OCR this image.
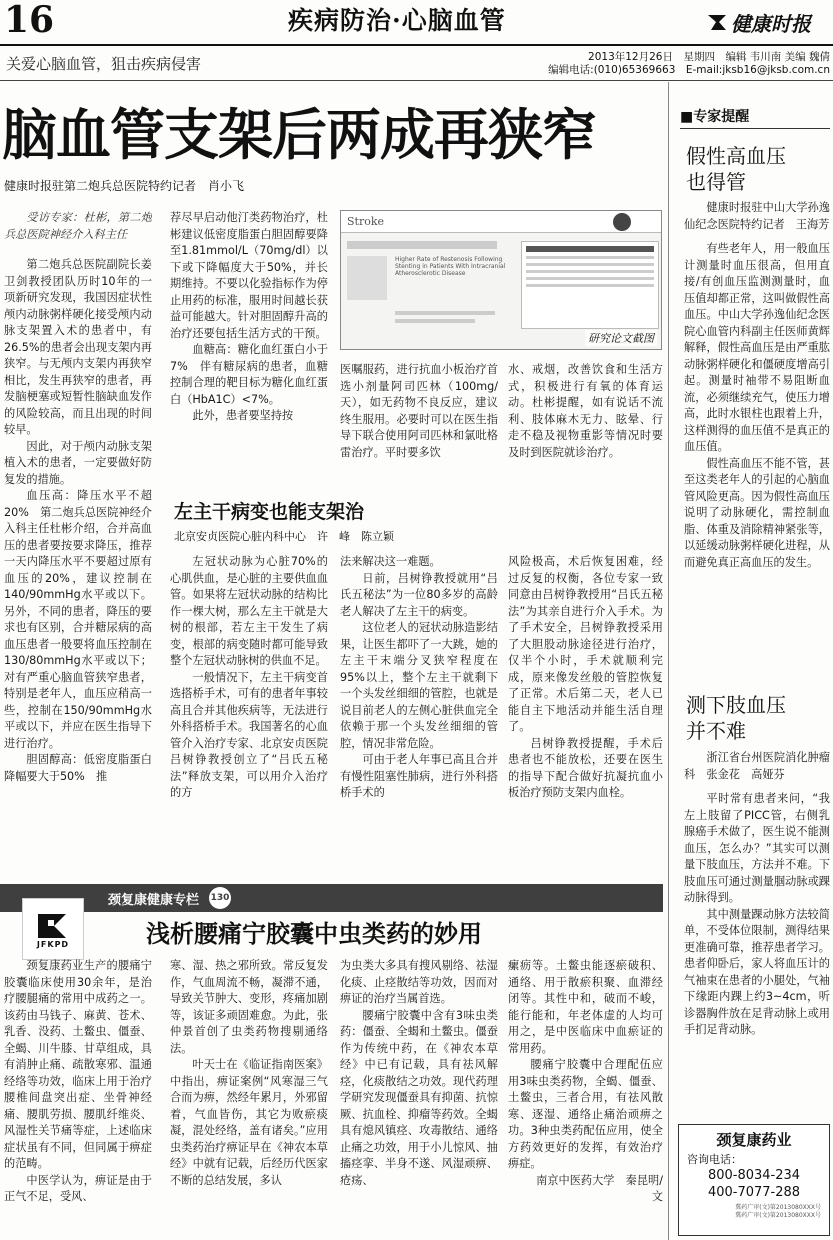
16	疾病防治·心脑血管	健康时报
关爱心脑血管，狙击疾病侵害	2013年12月26日　星期四　编辑 韦川南 美编 魏倩
编辑电话:(010)65369663　E-mail:jksb16@jksb.com.cn
脑血管支架后两成再狭窄
健康时报驻第二炮兵总医院特约记者　肖小飞

受访专家：杜彬，第二炮兵总医院神经介入科主任

第二炮兵总医院副院长姜卫剑教授团队历时10年的一项新研究发现，我国因症状性颅内动脉粥样硬化接受颅内动脉支架置入术的患者中，有26.5%的患者会出现支架内再狭窄。与无颅内支架内再狭窄相比，发生再狭窄的患者，再发脑梗塞或短暂性脑缺血发作的风险较高，而且出现的时间较早。

因此，对于颅内动脉支架植入术的患者，一定要做好防复发的措施。

血压高：降压水平不超20%　第二炮兵总医院神经介入科主任杜彬介绍，合并高血压的患者要按要求降压，推荐一天内降压水平不要超过原有血压的20%，建议控制在140/90mmHg水平或以下。另外，不同的患者，降压的要求也有区别，合并糖尿病的高血压患者一般要将血压控制在130/80mmHg水平或以下；对有严重心脑血管狭窄患者，特别是老年人，血压应稍高一些，控制在150/90mmHg水平或以下，并应在医生指导下进行治疗。

胆固醇高：低密度脂蛋白降幅要大于50%　推

荐尽早启动他汀类药物治疗，杜彬建议低密度脂蛋白胆固醇要降至1.81mmol/L（70mg/dl）以下或下降幅度大于50%，并长期维持。不要以化验指标作为停止用药的标准，服用时间越长获益可能越大。针对胆固醇升高的治疗还要包括生活方式的干预。

血糖高：糖化血红蛋白小于7%　伴有糖尿病的患者，血糖控制合理的靶目标为糖化血红蛋白（HbA1C）<7%。

此外，患者要坚持按

Stroke
Higher Rate of Restenosis Following Stenting in Patients With Intracranial Atherosclerotic Disease
研究论文截图

医嘱服药，进行抗血小板治疗首选小剂量阿司匹林（100mg/天），如无药物不良反应，建议终生服用。必要时可以在医生指导下联合使用阿司匹林和氯吡格雷治疗。平时要多饮

水、戒烟，改善饮食和生活方式，积极进行有氧的体育运动。杜彬提醒，如有说话不流利、肢体麻木无力、眩晕、行走不稳及视物重影等情况时要及时到医院就诊治疗。

左主干病变也能支架治
北京安贞医院心脏内科中心　许　峰　陈立颖

左冠状动脉为心脏70%的心肌供血，是心脏的主要供血血管。如果将左冠状动脉的结构比作一棵大树，那么左主干就是大树的根部，若左主干发生了病变，根部的病变随时都可能导致整个左冠状动脉树的供血不足。

一般情况下，左主干病变首选搭桥手术，可有的患者年事较高且合并其他疾病等，无法进行外科搭桥手术。我国著名的心血管介入治疗专家、北京安贞医院吕树铮教授创立了“吕氏五秘法”释放支架，可以用介入治疗的方

法来解决这一难题。

日前，吕树铮教授就用“吕氏五秘法”为一位80多岁的高龄老人解决了左主干的病变。

这位老人的冠状动脉造影结果，让医生都吓了一大跳，她的左主干末端分叉狭窄程度在95%以上，整个左主干就剩下一个头发丝细细的管腔，也就是说目前老人的左侧心脏供血完全依赖于那一个头发丝细细的管腔，情况非常危险。

可由于老人年事已高且合并有慢性阻塞性肺病，进行外科搭桥手术的

风险极高，术后恢复困难，经过反复的权衡，各位专家一致同意由吕树铮教授用“吕氏五秘法”为其亲自进行介入手术。为了手术安全，吕树铮教授采用了大胆股动脉途径进行治疗，仅半个小时，手术就顺利完成，原来像发丝般的管腔恢复了正常。术后第二天，老人已能自主下地活动并能生活自理了。

吕树铮教授提醒，手术后患者也不能放松，还要在医生的指导下配合做好抗凝抗血小板治疗预防支架内血栓。

颈复康健康专栏 130
JFKPD	浅析腰痛宁胶囊中虫类药的妙用

颈复康药业生产的腰痛宁胶囊临床使用30余年，是治疗腰腿痛的常用中成药之一。该药由马钱子、麻黄、苍术、乳香、没药、土鳖虫、僵蚕、全蝎、川牛膝、甘草组成，具有消肿止痛、疏散寒邪、温通经络等功效，临床上用于治疗腰椎间盘突出症、坐骨神经痛、腰肌劳损、腰肌纤维炎、风湿性关节痛等症，上述临床症状虽有不同，但同属于痹症的范畴。

中医学认为，痹证是由于正气不足，受风、

寒、湿、热之邪所致。常反复发作，气血周流不畅，凝滞不通，导致关节肿大、变形，疼痛加剧等，该证多顽固难愈。为此，张仲景首创了虫类药物搜剔通络法。

叶天士在《临证指南医案》中指出，痹证案例“风寒湿三气合而为痹，然经年累月，外邪留着，气血皆伤，其它为败瘀痰凝，混处经络，盖有诸矣。”应用虫类药治疗痹证早在《神农本草经》中就有记载，后经历代医家不断的总结发展，多认

为虫类大多具有搜风剔络、祛湿化痰、止痉散结等功效，因而对痹证的治疗当属首选。

腰痛宁胶囊中含有3味虫类药：僵蚕、全蝎和土鳖虫。僵蚕作为传统中药，在《神农本草经》中已有记载，具有祛风解痉，化痰散结之功效。现代药理学研究发现僵蚕具有抑菌、抗惊厥、抗血栓、抑瘤等药效。全蝎具有熄风镇痉、攻毒散结、通络止痛之功效，用于小儿惊风、抽搐痉挛、半身不遂、风湿顽痹、疮疡、

瘰疬等。土鳖虫能逐瘀破积、通络、用于散瘀积聚、血滞经闭等。其性中和，破而不峻，能行能和，年老体虚的人均可用之，是中医临床中血瘀证的常用药。

腰痛宁胶囊中合理配伍应用3味虫类药物，全蝎、僵蚕、土鳖虫，三者合用，有祛风散寒、逐湿、通络止痛治顽痹之功。3种虫类药配伍应用，使全方药效更好的发挥，有效治疗痹症。

南京中医药大学　秦昆明/文

■专家提醒
假性高血压
也得管

健康时报驻中山大学孙逸仙纪念医院特约记者　王海芳

有些老年人，用一般血压计测量时血压很高，但用直接/有创血压监测测量时，血压值却都正常，这叫做假性高血压。中山大学孙逸仙纪念医院心血管内科副主任医师黄辉解释，假性高血压是由严重肱动脉粥样硬化和僵硬度增高引起。测量时袖带不易阻断血流，必须继续充气，使压力增高，此时水银柱也跟着上升，这样测得的血压值不是真正的血压值。

假性高血压不能不管，甚至这类老年人的引起的心脑血管风险更高。因为假性高血压说明了动脉硬化，需控制血脂、体重及消除精神紧张等，以延缓动脉粥样硬化进程，从而避免真正高血压的发生。

测下肢血压
并不难

浙江省台州医院消化肿瘤科　张金花　高娅芬

平时常有患者来问，“我左上肢留了PICC管，右侧乳腺癌手术做了，医生说不能测血压，怎么办？”其实可以测量下肢血压，方法并不难。下肢血压可通过测量腘动脉或踝动脉得到。

其中测量踝动脉方法较简单，不受体位限制，测得结果更准确可靠，推荐患者学习。患者仰卧后，家人将血压计的气袖束在患者的小腿处，气袖下缘距内踝上约3~4cm，听诊器胸件放在足背动脉上或用手扪足背动脉。

颈复康药业
咨询电话：
800-8034-234
400-7077-288
冀药广审(文)第2013080XXX号
冀药广审(文)第2013080XXX号
